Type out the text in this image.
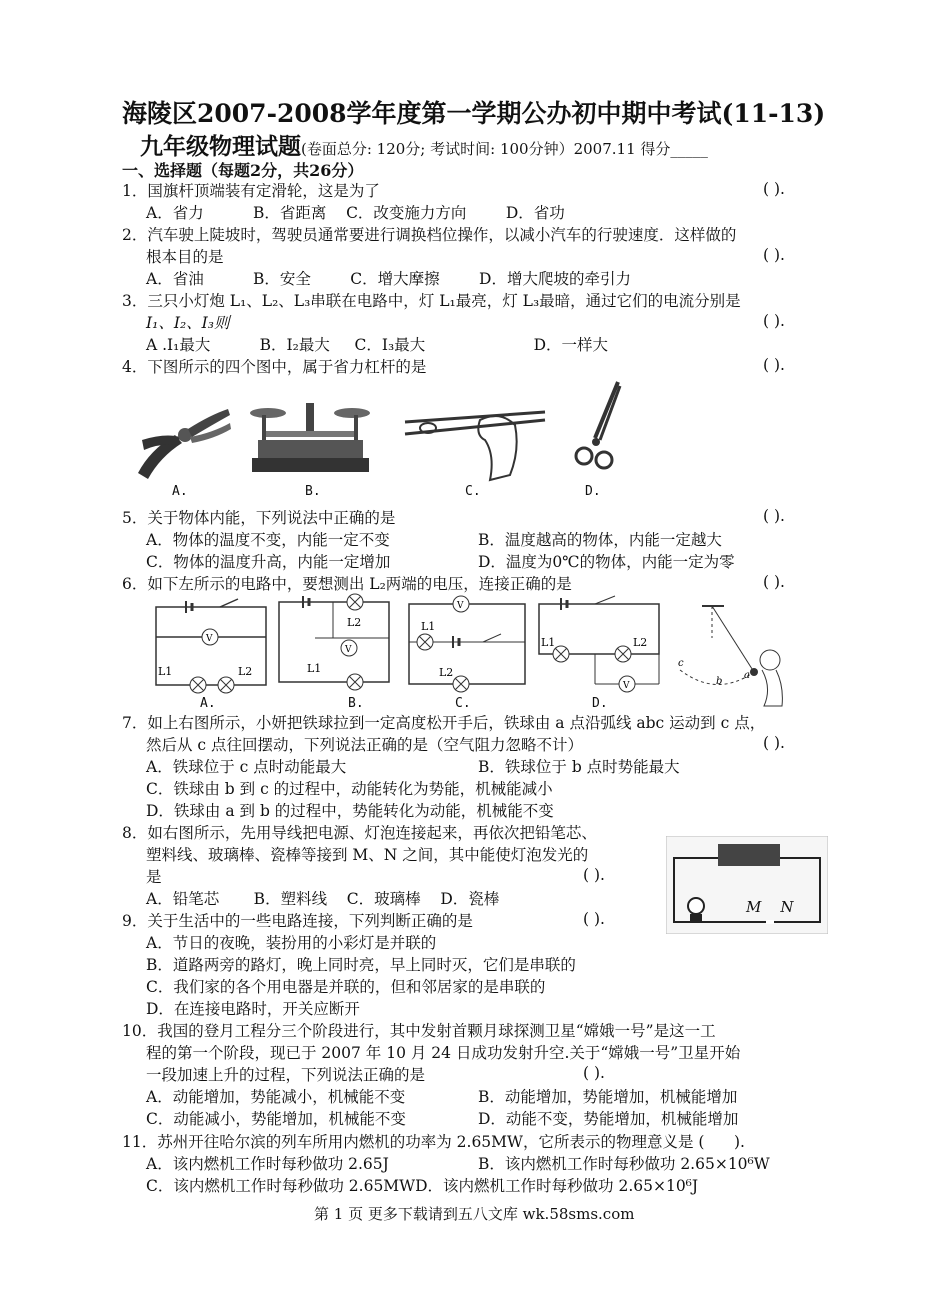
海陵区2007-2008学年度第一学期公办初中期中考试(11-13)
九年级物理试题(卷面总分: 120分; 考试时间: 100分钟）2007.11 得分_____
一、选择题（每题2分，共26分）
1．国旗杆顶端装有定滑轮，这是为了	( ).
A．省力          B．省距离    C．改变施力方向        D．省功
2．汽车驶上陡坡时，驾驶员通常要进行调换档位操作，以减小汽车的行驶速度．这样做的
根本目的是	( ).
A．省油          B．安全        C．增大摩擦        D．增大爬坡的牵引力
3．三只小灯炮 L₁、L₂、L₃串联在电路中，灯 L₁最亮，灯 L₃最暗，通过它们的电流分别是
I₁、I₂、I₃则	( ).
A .I₁最大          B．I₂最大     C．I₃最大                      D．一样大
4．下图所示的四个图中，属于省力杠杆的是	( ).
A.	B.	C.	D.
5．关于物体内能，下列说法中正确的是	( ).
A．物体的温度不变，内能一定不变	B．温度越高的物体，内能一定越大
C．物体的温度升高，内能一定增加	D．温度为0℃的物体，内能一定为零
6．如下左所示的电路中，要想测出 L₂两端的电压，连接正确的是	( ).
V
L1	L2
V
L2
L1
V
L1
L2
V
L1	L2
c
b
a
A.	B.	C.	D.
7．如上右图所示，小妍把铁球拉到一定高度松开手后，铁球由 a 点沿弧线 abc 运动到 c 点，
然后从 c 点往回摆动，下列说法正确的是（空气阻力忽略不计）	( ).
A．铁球位于 c 点时动能最大	B．铁球位于 b 点时势能最大
C．铁球由 b 到 c 的过程中，动能转化为势能，机械能减小
D．铁球由 a 到 b 的过程中，势能转化为动能，机械能不变
8．如右图所示，先用导线把电源、灯泡连接起来，再依次把铅笔芯、
塑料线、玻璃棒、瓷棒等接到 M、N 之间，其中能使灯泡发光的
是	( ).
A．铅笔芯       B．塑料线    C．玻璃棒    D．瓷棒	M    N
9．关于生活中的一些电路连接，下列判断正确的是	( ).
A．节日的夜晚，装扮用的小彩灯是并联的
B．道路两旁的路灯，晚上同时亮，早上同时灭，它们是串联的
C．我们家的各个用电器是并联的，但和邻居家的是串联的
D．在连接电路时，开关应断开
10．我国的登月工程分三个阶段进行，其中发射首颗月球探测卫星“嫦娥一号”是这一工
程的第一个阶段，现已于 2007 年 10 月 24 日成功发射升空.关于“嫦娥一号”卫星开始
一段加速上升的过程，下列说法正确的是	( ).
A．动能增加，势能减小，机械能不变	B．动能增加，势能增加，机械能增加
C．动能减小，势能增加，机械能不变	D．动能不变，势能增加，机械能增加
11．苏州开往哈尔滨的列车所用内燃机的功率为 2.65MW，它所表示的物理意义是 (      ).
A．该内燃机工作时每秒做功 2.65J	B．该内燃机工作时每秒做功 2.65×10⁶W
C．该内燃机工作时每秒做功 2.65MWD．该内燃机工作时每秒做功 2.65×10⁶J
第 1 页 更多下载请到五八文库 wk.58sms.com
